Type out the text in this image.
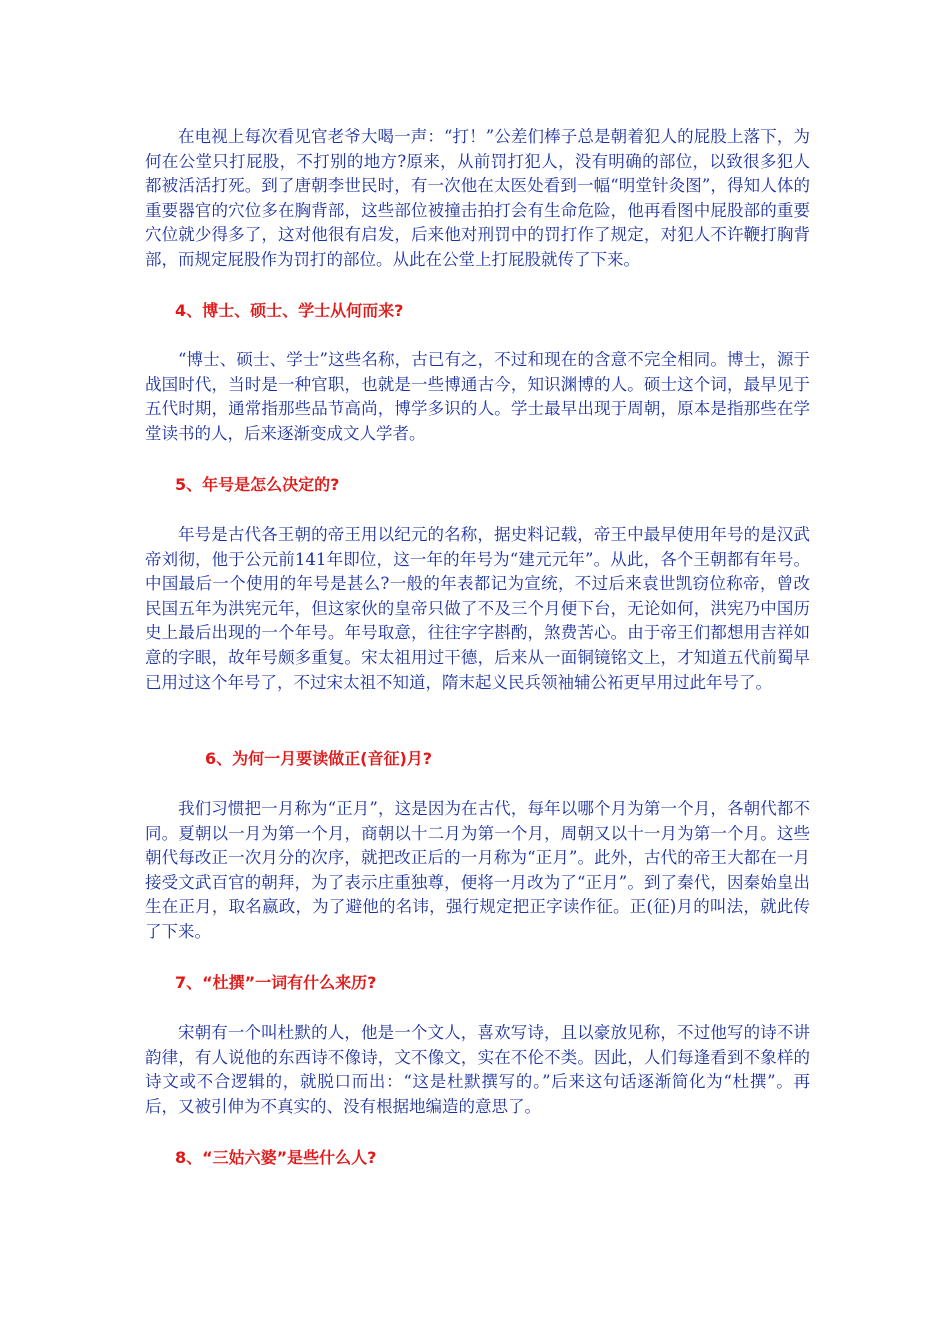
在电视上每次看见官老爷大喝一声：“打！”公差们棒子总是朝着犯人的屁股上落下，为何在公堂只打屁股，不打别的地方?原来，从前罚打犯人，没有明确的部位，以致很多犯人都被活活打死。到了唐朝李世民时，有一次他在太医处看到一幅“明堂针灸图”，得知人体的重要器官的穴位多在胸背部，这些部位被撞击拍打会有生命危险，他再看图中屁股部的重要穴位就少得多了，这对他很有启发，后来他对刑罚中的罚打作了规定，对犯人不许鞭打胸背部，而规定屁股作为罚打的部位。从此在公堂上打屁股就传了下来。

4、博士、硕士、学士从何而来?

“博士、硕士、学士”这些名称，古已有之，不过和现在的含意不完全相同。博士，源于战国时代，当时是一种官职，也就是一些博通古今，知识渊博的人。硕士这个词，最早见于五代时期，通常指那些品节高尚，博学多识的人。学士最早出现于周朝，原本是指那些在学堂读书的人，后来逐渐变成文人学者。

5、年号是怎么决定的?

年号是古代各王朝的帝王用以纪元的名称，据史料记载，帝王中最早使用年号的是汉武帝刘彻，他于公元前141年即位，这一年的年号为“建元元年”。从此，各个王朝都有年号。中国最后一个使用的年号是甚么?一般的年表都记为宣统，不过后来袁世凯窃位称帝，曾改民国五年为洪宪元年，但这家伙的皇帝只做了不及三个月便下台，无论如何，洪宪乃中国历史上最后出现的一个年号。年号取意，往往字字斟酌，煞费苦心。由于帝王们都想用吉祥如意的字眼，故年号颇多重复。宋太祖用过干德，后来从一面铜镜铭文上，才知道五代前蜀早已用过这个年号了，不过宋太祖不知道，隋末起义民兵领袖辅公祏更早用过此年号了。

6、为何一月要读做正(音征)月?

我们习惯把一月称为“正月”，这是因为在古代，每年以哪个月为第一个月，各朝代都不同。夏朝以一月为第一个月，商朝以十二月为第一个月，周朝又以十一月为第一个月。这些朝代每改正一次月分的次序，就把改正后的一月称为“正月”。此外，古代的帝王大都在一月接受文武百官的朝拜，为了表示庄重独尊，便将一月改为了“正月”。到了秦代，因秦始皇出生在正月，取名嬴政，为了避他的名讳，强行规定把正字读作征。正(征)月的叫法，就此传了下来。

7、“杜撰”一词有什么来历?

宋朝有一个叫杜默的人，他是一个文人，喜欢写诗，且以豪放见称，不过他写的诗不讲韵律，有人说他的东西诗不像诗，文不像文，实在不伦不类。因此，人们每逢看到不象样的诗文或不合逻辑的，就脱口而出：“这是杜默撰写的。”后来这句话逐渐简化为“杜撰”。再后，又被引伸为不真实的、没有根据地编造的意思了。

8、“三姑六婆”是些什么人?
